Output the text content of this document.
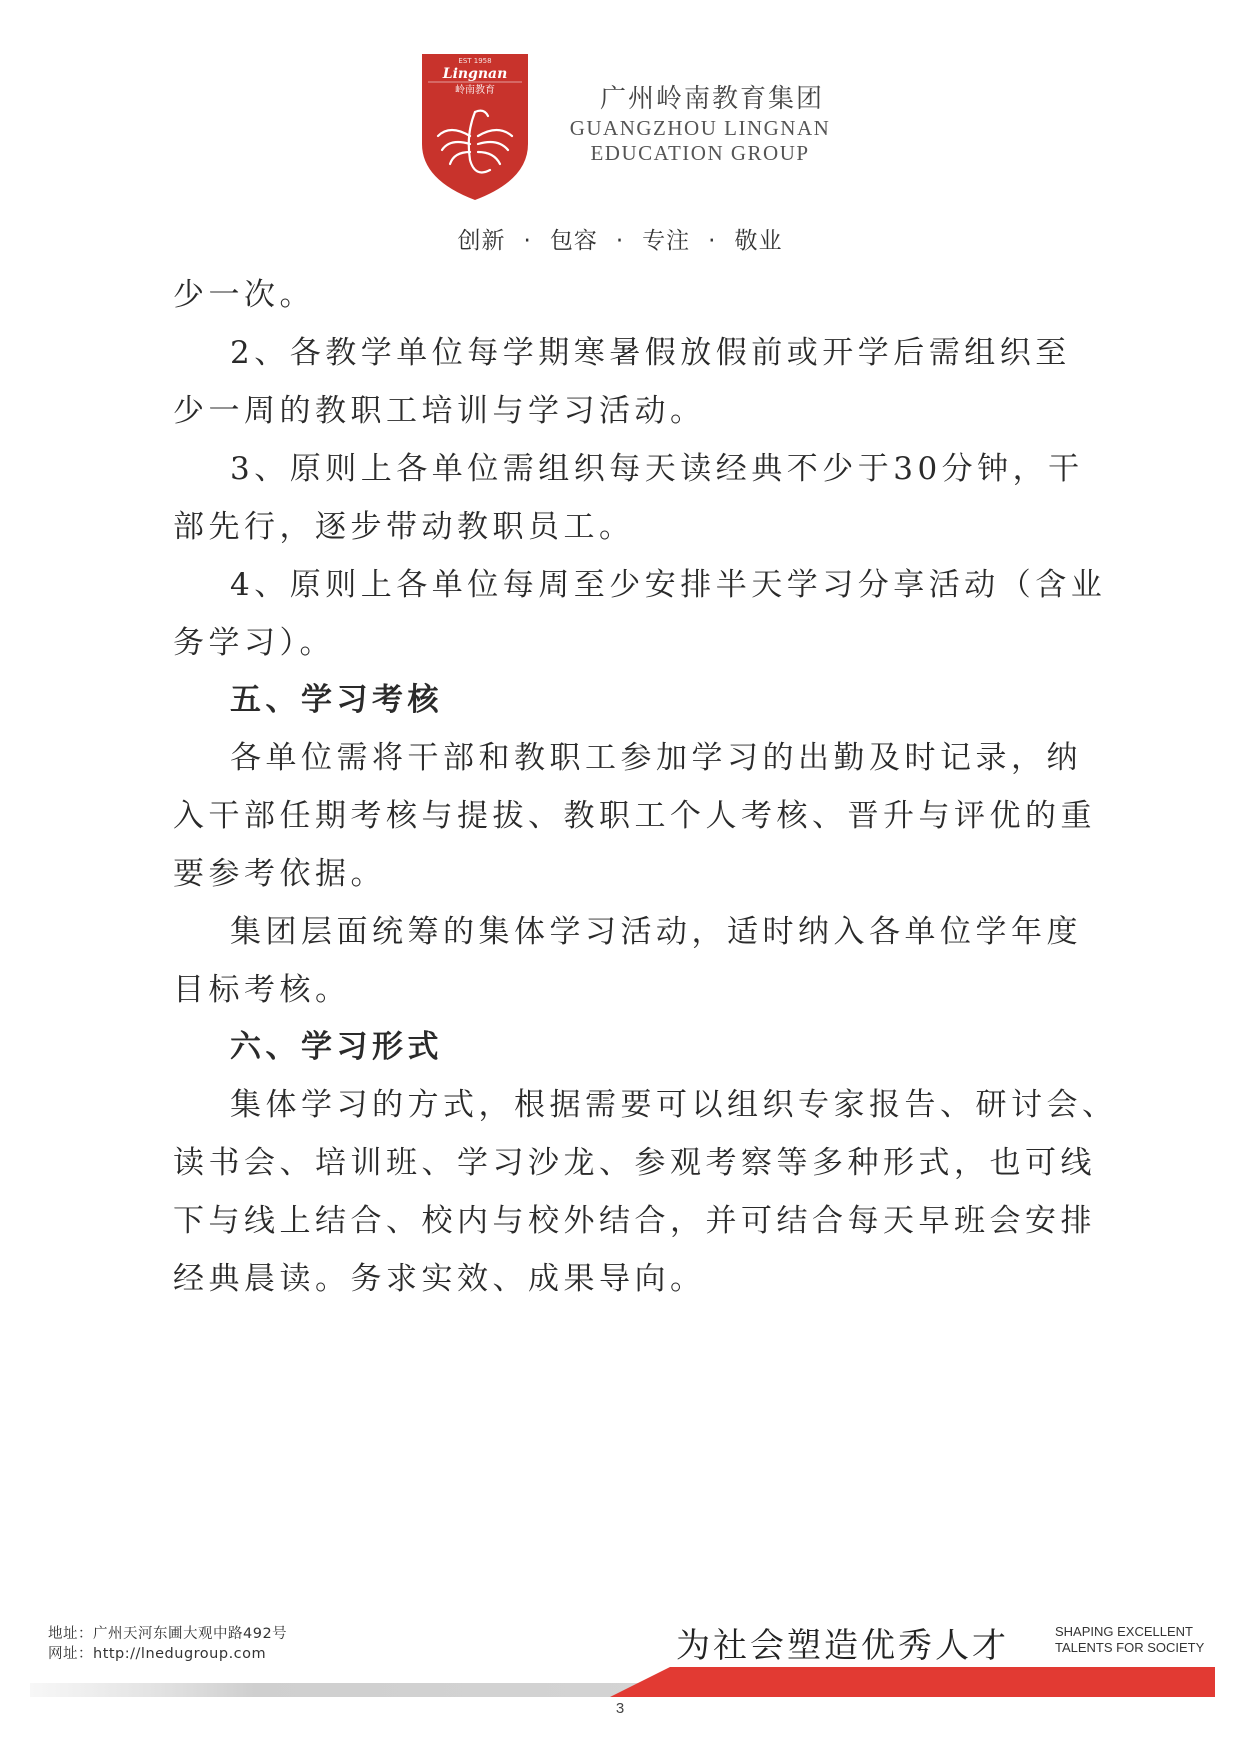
EST 1958
Lingnan
岭南教育	广州岭南教育集团
GUANGZHOU LINGNAN
EDUCATION GROUP
创新 · 包容 · 专注 · 敬业
少一次。
2、各教学单位每学期寒暑假放假前或开学后需组织至
少一周的教职工培训与学习活动。
3、原则上各单位需组织每天读经典不少于30分钟，干
部先行，逐步带动教职员工。
4、原则上各单位每周至少安排半天学习分享活动（含业
务学习）。
五、学习考核
各单位需将干部和教职工参加学习的出勤及时记录，纳
入干部任期考核与提拔、教职工个人考核、晋升与评优的重
要参考依据。
集团层面统筹的集体学习活动，适时纳入各单位学年度
目标考核。
六、学习形式
集体学习的方式，根据需要可以组织专家报告、研讨会、
读书会、培训班、学习沙龙、参观考察等多种形式，也可线
下与线上结合、校内与校外结合，并可结合每天早班会安排
经典晨读。务求实效、成果导向。
地址：广州天河东圃大观中路492号
网址：http://lnedugroup.com	为社会塑造优秀人才	SHAPING EXCELLENT
TALENTS FOR SOCIETY
3
